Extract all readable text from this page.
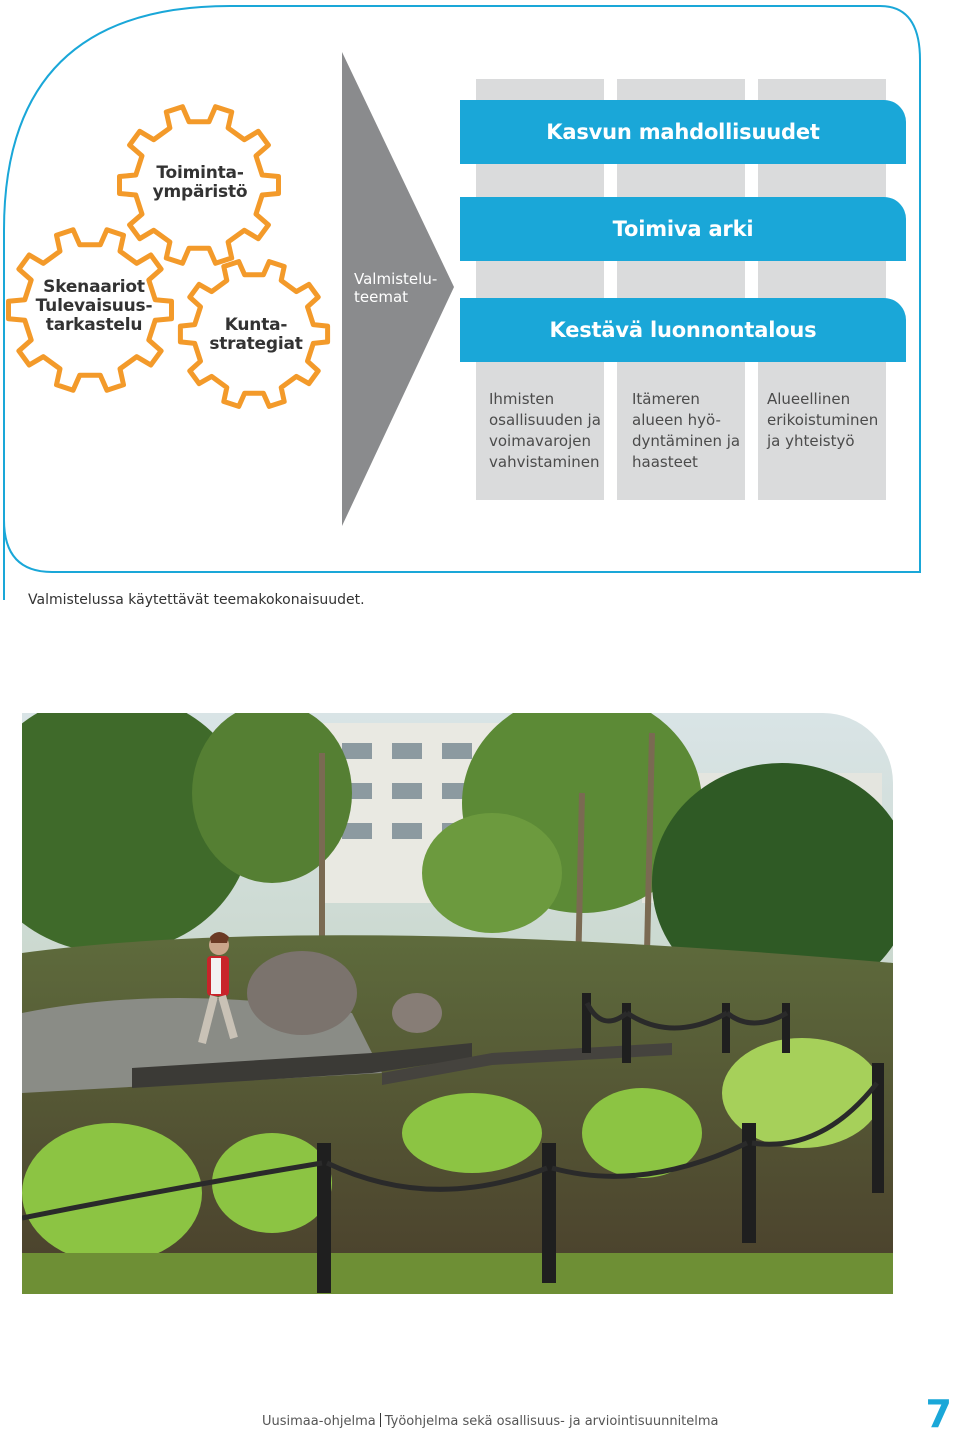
Toiminta-
ympäristö
Skenaariot
Tulevaisuus-
tarkastelu	Kunta-
strategiat
Valmistelu-
teemat
Kasvun mahdollisuudet
Toimiva arki
Kestävä luonnontalous
Ihmisten
osallisuuden ja
voimavarojen
vahvistaminen
Itämeren
alueen hyö-
dyntäminen ja
haasteet
Alueellinen
erikoistuminen
ja yhteistyö
Valmistelussa käytettävät teemakokonaisuudet.
Uusimaa-ohjelma Työohjelma sekä osallisuus- ja arviointisuunnitelma	7
